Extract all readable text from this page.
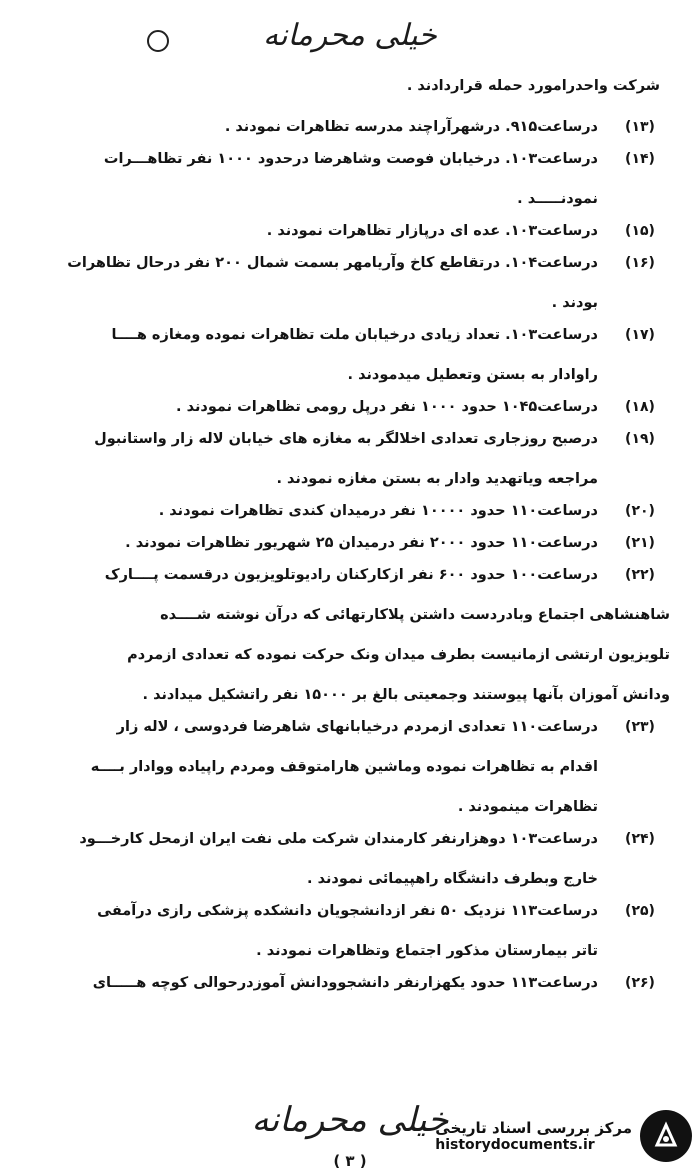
خیلی محرمانه
شرکت واحدرامورد حمله قراردادند .
(۱۳)
درساعت۹۱۵. درشهرآراچند مدرسه تظاهرات نمودند .
(۱۴)
درساعت۱۰۳. درخیابان فوصت وشاهرضا درحدود ۱۰۰۰ نفر تظاهـــرات
نمودنـــــد .
(۱۵)
درساعت۱۰۳. عده ای درپازار تظاهرات نمودند .
(۱۶)
درساعت۱۰۴. درتقاطع کاخ وآریامهر بسمت شمال ۲۰۰ نفر درحال تظاهرات
بودند .
(۱۷)
درساعت۱۰۳. تعداد زیادی درخیابان ملت تظاهرات نموده ومغازه هــــا
راوادار به بستن وتعطیل میدمودند .
(۱۸)
درساعت۱۰۴۵ حدود ۱۰۰۰ نفر درپل رومی تظاهرات نمودند .
(۱۹)
درصبح روزجاری تعدادی اخلالگر به مغازه های خیابان لاله زار واستانبول
مراجعه ویاتهدید وادار به بستن مغازه نمودند .
(۲۰)
درساعت۱۱۰ حدود ۱۰۰۰۰ نفر درمیدان کندی تظاهرات نمودند .
(۲۱)
درساعت۱۱۰ حدود ۲۰۰۰ نفر درمیدان ۲۵ شهریور تظاهرات نمودند .
(۲۲)
درساعت۱۰۰ حدود ۶۰۰ نفر ازکارکنان رادیوتلویزیون درقسمت پــــارک
شاهنشاهی اجتماع وبادردست داشتن پلاکارتهائی که درآن نوشته شــــده
تلویزیون ارتشی ازمانیست بطرف میدان ونک حرکت نموده که تعدادی ازمردم
ودانش آموزان بآنها پیوستند وجمعیتی بالغ بر ۱۵۰۰۰ نفر راتشکیل میدادند .
(۲۳)
درساعت۱۱۰ تعدادی ازمردم درخیابانهای شاهرضا فردوسی ، لاله زار
اقدام به تظاهرات نموده وماشین هارامتوقف ومردم راپیاده ووادار بــــه
تظاهرات مینمودند .
(۲۴)
درساعت۱۰۳ دوهزارنفر کارمندان شرکت ملی نفت ایران ازمحل کارخـــود
خارج وبطرف دانشگاه راهپیمائی نمودند .
(۲۵)
درساعت۱۱۳ نزدیک ۵۰ نفر ازدانشجویان دانشکده پزشکی رازی درآمفی
تاتر بیمارستان مذکور اجتماع وتظاهرات نمودند .
(۲۶)
درساعت۱۱۳ حدود یکهزارنفر دانشجوودانش آموزدرحوالی کوچه هـــــای
خیلی محرمانه
( ۳ )
مرکز بررسی اسناد تاریخی
historydocuments.ir
